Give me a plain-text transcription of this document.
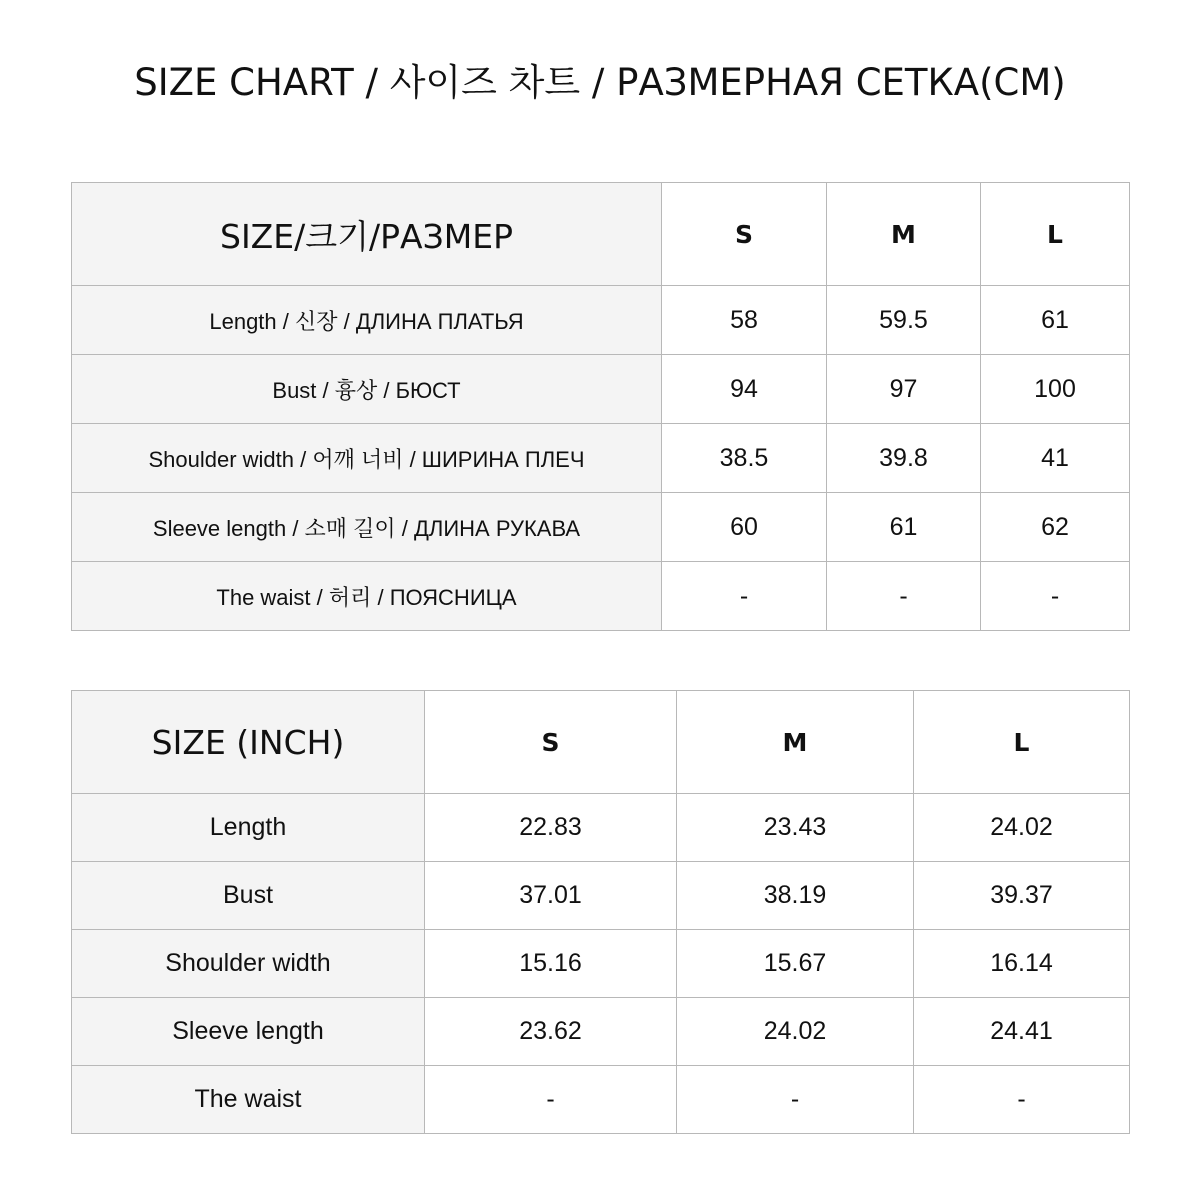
SIZE CHART / 사이즈 차트 / РАЗМЕРНАЯ СЕТКА(CM)
SIZE/크기/РАЗМЕР	S	M	L
Length / 신장 / ДЛИНА ПЛАТЬЯ	58	59.5	61
Bust / 흉상 / БЮСТ	94	97	100
Shoulder width / 어깨 너비 / ШИРИНА ПЛЕЧ	38.5	39.8	41
Sleeve length / 소매 길이 / ДЛИНА РУКАВА	60	61	62
The waist / 허리 / ПОЯСНИЦА	-	-	-
SIZE (INCH)	S	M	L
Length	22.83	23.43	24.02
Bust	37.01	38.19	39.37
Shoulder width	15.16	15.67	16.14
Sleeve length	23.62	24.02	24.41
The waist	-	-	-
